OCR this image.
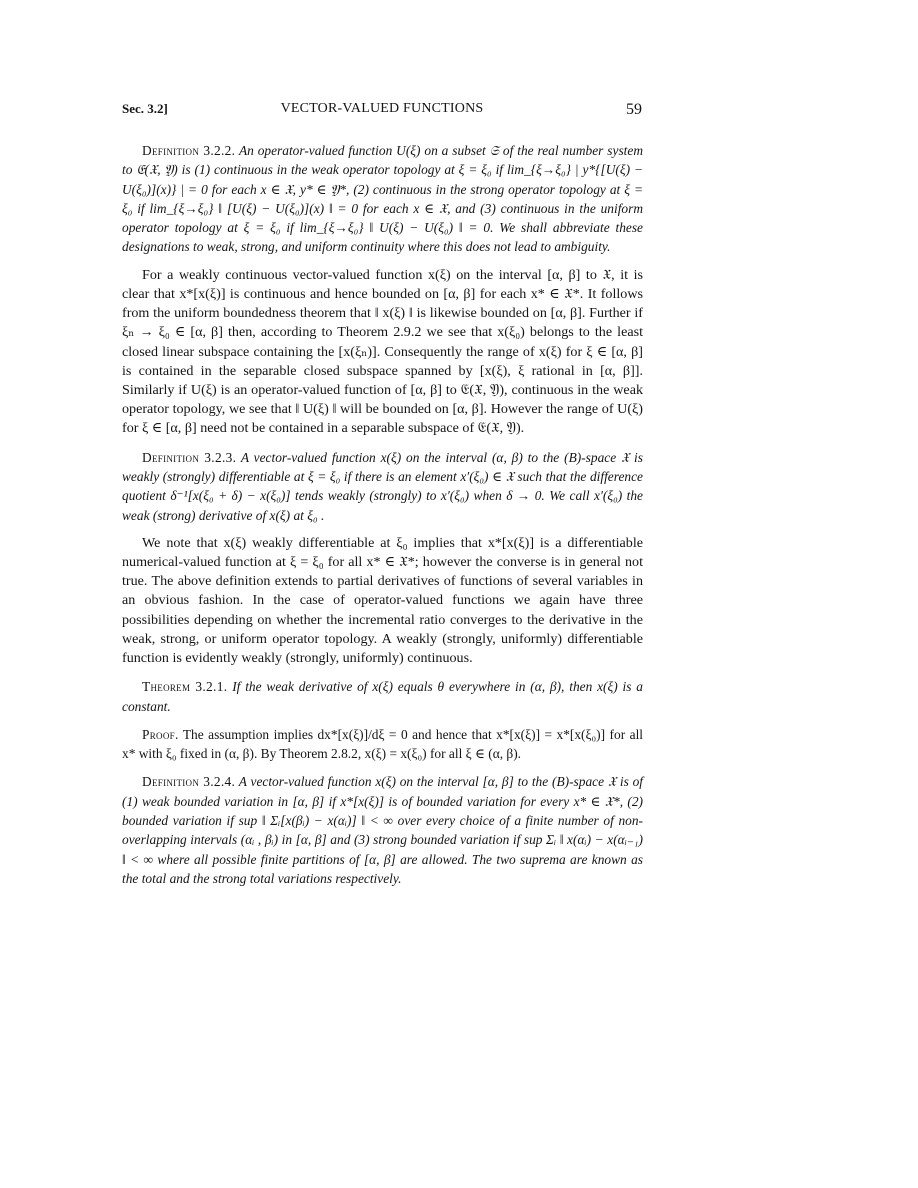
Sec. 3.2]	VECTOR-VALUED FUNCTIONS	59

Definition 3.2.2. An operator-valued function U(ξ) on a subset 𝔖 of the real number system to 𝔈(𝔛, 𝔜) is (1) continuous in the weak operator topology at ξ = ξ₀ if lim_{ξ→ξ₀} | y*{[U(ξ) − U(ξ₀)](x)} | = 0 for each x ∈ 𝔛, y* ∈ 𝔜*, (2) continuous in the strong operator topology at ξ = ξ₀ if lim_{ξ→ξ₀} ‖ [U(ξ) − U(ξ₀)](x) ‖ = 0 for each x ∈ 𝔛, and (3) continuous in the uniform operator topology at ξ = ξ₀ if lim_{ξ→ξ₀} ‖ U(ξ) − U(ξ₀) ‖ = 0. We shall abbreviate these designations to weak, strong, and uniform continuity where this does not lead to ambiguity.

For a weakly continuous vector-valued function x(ξ) on the interval [α, β] to 𝔛, it is clear that x*[x(ξ)] is continuous and hence bounded on [α, β] for each x* ∈ 𝔛*. It follows from the uniform boundedness theorem that ‖ x(ξ) ‖ is likewise bounded on [α, β]. Further if ξₙ → ξ₀ ∈ [α, β] then, according to Theorem 2.9.2 we see that x(ξ₀) belongs to the least closed linear subspace containing the [x(ξₙ)]. Consequently the range of x(ξ) for ξ ∈ [α, β] is contained in the separable closed subspace spanned by [x(ξ), ξ rational in [α, β]]. Similarly if U(ξ) is an operator-valued function of [α, β] to 𝔈(𝔛, 𝔜), continuous in the weak operator topology, we see that ‖ U(ξ) ‖ will be bounded on [α, β]. However the range of U(ξ) for ξ ∈ [α, β] need not be contained in a separable subspace of 𝔈(𝔛, 𝔜).

Definition 3.2.3. A vector-valued function x(ξ) on the interval (α, β) to the (B)-space 𝔛 is weakly (strongly) differentiable at ξ = ξ₀ if there is an element x′(ξ₀) ∈ 𝔛 such that the difference quotient δ⁻¹[x(ξ₀ + δ) − x(ξ₀)] tends weakly (strongly) to x′(ξ₀) when δ → 0. We call x′(ξ₀) the weak (strong) derivative of x(ξ) at ξ₀ .

We note that x(ξ) weakly differentiable at ξ₀ implies that x*[x(ξ)] is a differentiable numerical-valued function at ξ = ξ₀ for all x* ∈ 𝔛*; however the converse is in general not true. The above definition extends to partial derivatives of functions of several variables in an obvious fashion. In the case of operator-valued functions we again have three possibilities depending on whether the incremental ratio converges to the derivative in the weak, strong, or uniform operator topology. A weakly (strongly, uniformly) differentiable function is evidently weakly (strongly, uniformly) continuous.

Theorem 3.2.1. If the weak derivative of x(ξ) equals θ everywhere in (α, β), then x(ξ) is a constant.

Proof. The assumption implies dx*[x(ξ)]/dξ = 0 and hence that x*[x(ξ)] = x*[x(ξ₀)] for all x* with ξ₀ fixed in (α, β). By Theorem 2.8.2, x(ξ) = x(ξ₀) for all ξ ∈ (α, β).

Definition 3.2.4. A vector-valued function x(ξ) on the interval [α, β] to the (B)-space 𝔛 is of (1) weak bounded variation in [α, β] if x*[x(ξ)] is of bounded variation for every x* ∈ 𝔛*, (2) bounded variation if sup ‖ Σᵢ[x(βᵢ) − x(αᵢ)] ‖ < ∞ over every choice of a finite number of non-overlapping intervals (αᵢ , βᵢ) in [α, β] and (3) strong bounded variation if sup Σᵢ ‖ x(αᵢ) − x(αᵢ₋₁) ‖ < ∞ where all possible finite partitions of [α, β] are allowed. The two suprema are known as the total and the strong total variations respectively.
